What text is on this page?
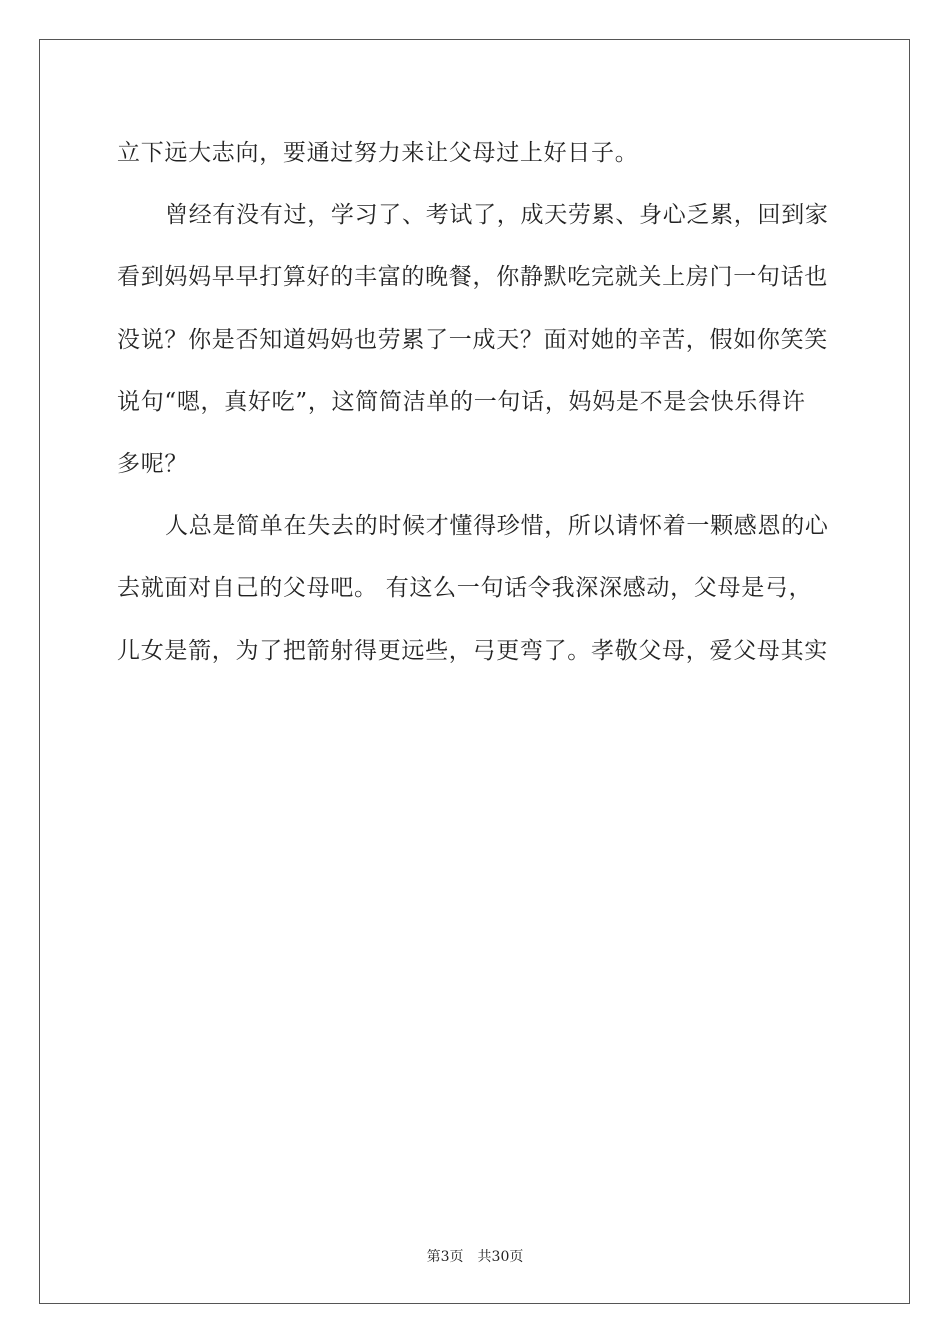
立下远大志向，要通过努力来让父母过上好日子。
曾经有没有过，学习了、考试了，成天劳累、身心乏累，回到家
看到妈妈早早打算好的丰富的晚餐，你静默吃完就关上房门一句话也
没说？你是否知道妈妈也劳累了一成天？面对她的辛苦，假如你笑笑
说句“嗯，真好吃”，这简简洁单的一句话，妈妈是不是会快乐得许
多呢？
人总是简单在失去的时候才懂得珍惜，所以请怀着一颗感恩的心
去就面对自己的父母吧。 有这么一句话令我深深感动，父母是弓，
儿女是箭，为了把箭射得更远些，弓更弯了。孝敬父母，爱父母其实
第3页 共30页
